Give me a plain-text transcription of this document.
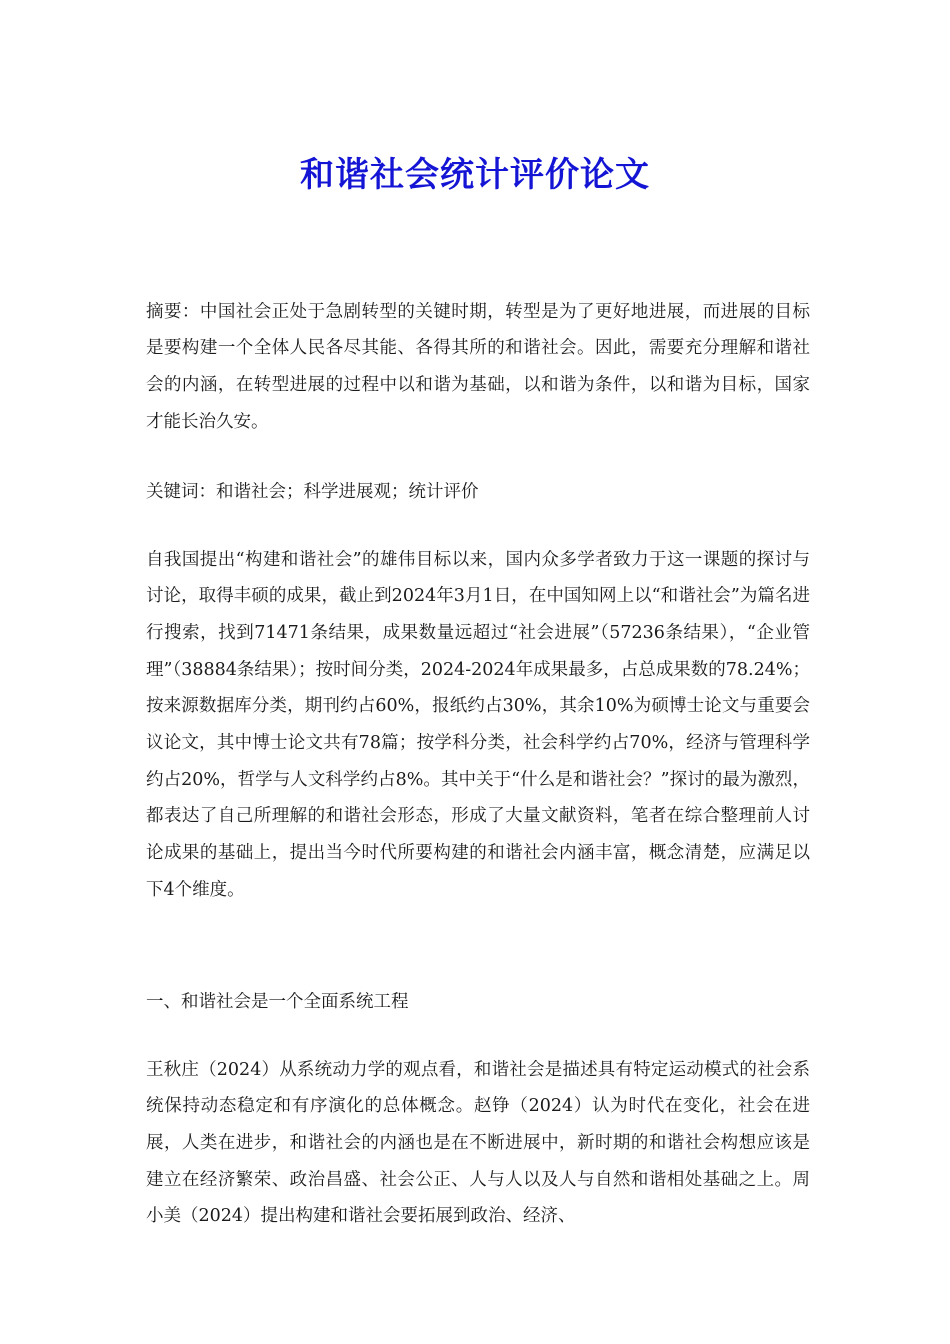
和谐社会统计评价论文

摘要：中国社会正处于急剧转型的关键时期，转型是为了更好地进展，而进展的目标是要构建一个全体人民各尽其能、各得其所的和谐社会。因此，需要充分理解和谐社会的内涵，在转型进展的过程中以和谐为基础，以和谐为条件，以和谐为目标，国家才能长治久安。

关键词：和谐社会；科学进展观；统计评价

自我国提出“构建和谐社会”的雄伟目标以来，国内众多学者致力于这一课题的探讨与讨论，取得丰硕的成果，截止到2024年3月1日，在中国知网上以“和谐社会”为篇名进行搜索，找到71471条结果，成果数量远超过“社会进展”（57236条结果），“企业管理”（38884条结果）；按时间分类，2024-2024年成果最多，占总成果数的78.24%；按来源数据库分类，期刊约占60%，报纸约占30%，其余10%为硕博士论文与重要会议论文，其中博士论文共有78篇；按学科分类，社会科学约占70%，经济与管理科学约占20%，哲学与人文科学约占8%。其中关于“什么是和谐社会？”探讨的最为激烈，都表达了自己所理解的和谐社会形态，形成了大量文献资料，笔者在综合整理前人讨论成果的基础上，提出当今时代所要构建的和谐社会内涵丰富，概念清楚，应满足以下4个维度。

一、和谐社会是一个全面系统工程

王秋庄（2024）从系统动力学的观点看，和谐社会是描述具有特定运动模式的社会系统保持动态稳定和有序演化的总体概念。赵铮（2024）认为时代在变化，社会在进展，人类在进步，和谐社会的内涵也是在不断进展中，新时期的和谐社会构想应该是建立在经济繁荣、政治昌盛、社会公正、人与人以及人与自然和谐相处基础之上。周小美（2024）提出构建和谐社会要拓展到政治、经济、
